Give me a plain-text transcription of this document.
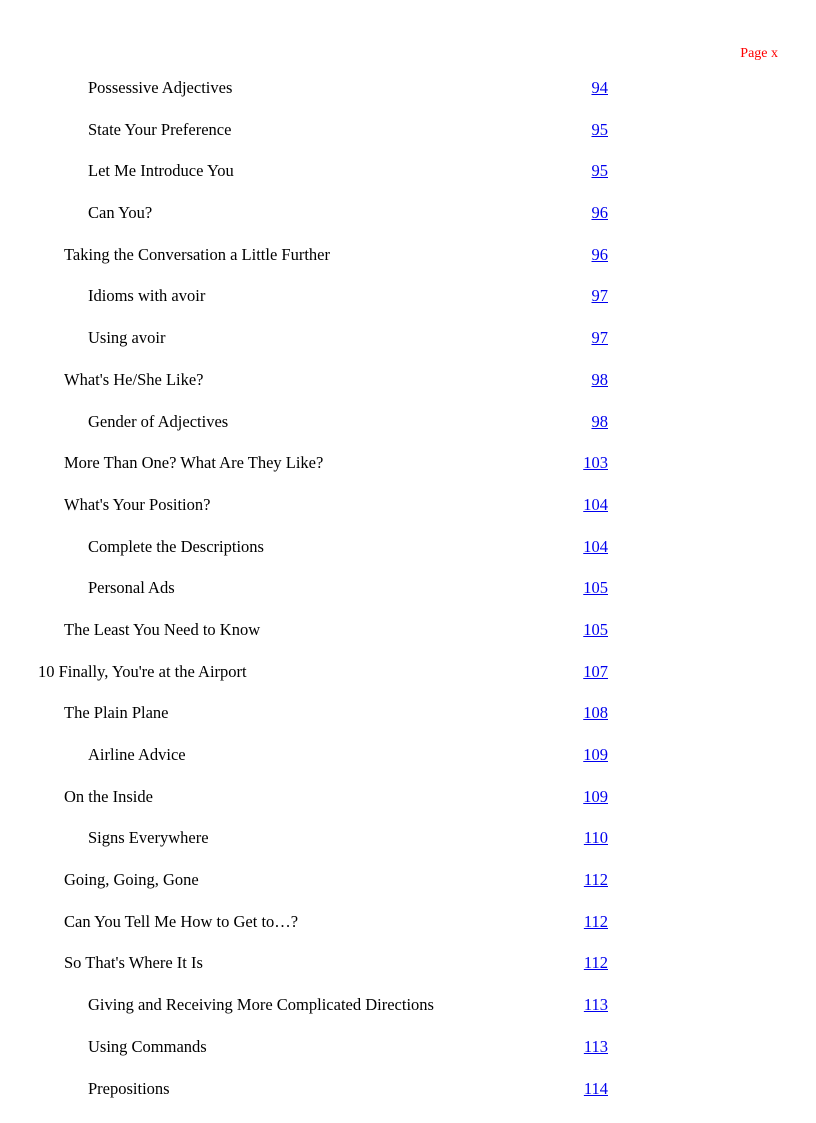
Page x
Possessive Adjectives	94
State Your Preference	95
Let Me Introduce You	95
Can You?	96
Taking the Conversation a Little Further	96
Idioms with avoir	97
Using avoir	97
What's He/She Like?	98
Gender of Adjectives	98
More Than One? What Are They Like?	103
What's Your Position?	104
Complete the Descriptions	104
Personal Ads	105
The Least You Need to Know	105
10 Finally, You're at the Airport	107
The Plain Plane	108
Airline Advice	109
On the Inside	109
Signs Everywhere	110
Going, Going, Gone	112
Can You Tell Me How to Get to…?	112
So That's Where It Is	112
Giving and Receiving More Complicated Directions	113
Using Commands	113
Prepositions	114
